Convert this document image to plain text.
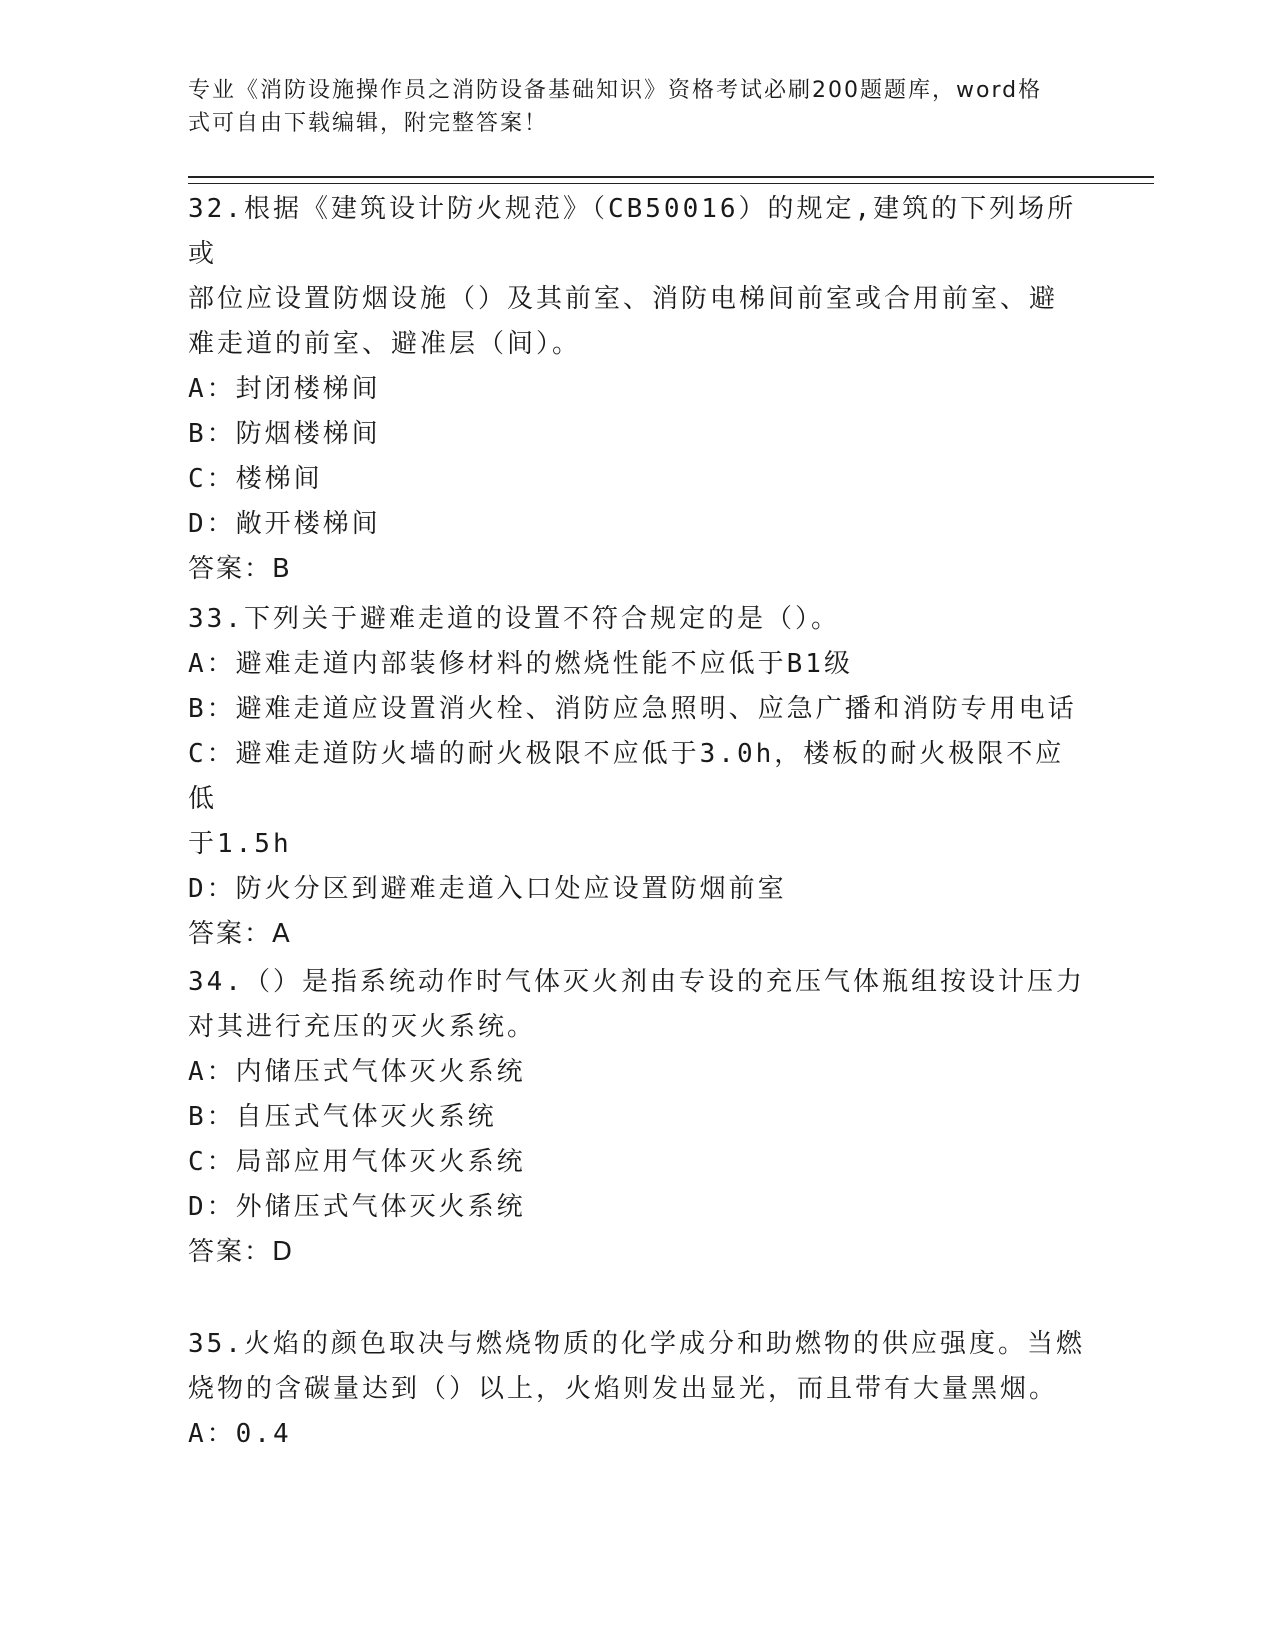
专业《消防设施操作员之消防设备基础知识》资格考试必刷200题题库，word格
式可自由下载编辑，附完整答案！
32.根据《建筑设计防火规范》（CB50016）的规定,建筑的下列场所或
部位应设置防烟设施（）及其前室、消防电梯间前室或合用前室、避
难走道的前室、避准层（间）。
A：封闭楼梯间
B：防烟楼梯间
C：楼梯间
D：敞开楼梯间
答案：B
33.下列关于避难走道的设置不符合规定的是（）。
A：避难走道内部装修材料的燃烧性能不应低于B1级
B：避难走道应设置消火栓、消防应急照明、应急广播和消防专用电话
C：避难走道防火墙的耐火极限不应低于3.0h，楼板的耐火极限不应低
于1.5h
D：防火分区到避难走道入口处应设置防烟前室
答案：A
34.（）是指系统动作时气体灭火剂由专设的充压气体瓶组按设计压力
对其进行充压的灭火系统。
A：内储压式气体灭火系统
B：自压式气体灭火系统
C：局部应用气体灭火系统
D：外储压式气体灭火系统
答案：D
35.火焰的颜色取决与燃烧物质的化学成分和助燃物的供应强度。当燃
烧物的含碳量达到（）以上，火焰则发出显光，而且带有大量黑烟。
A：0.4
